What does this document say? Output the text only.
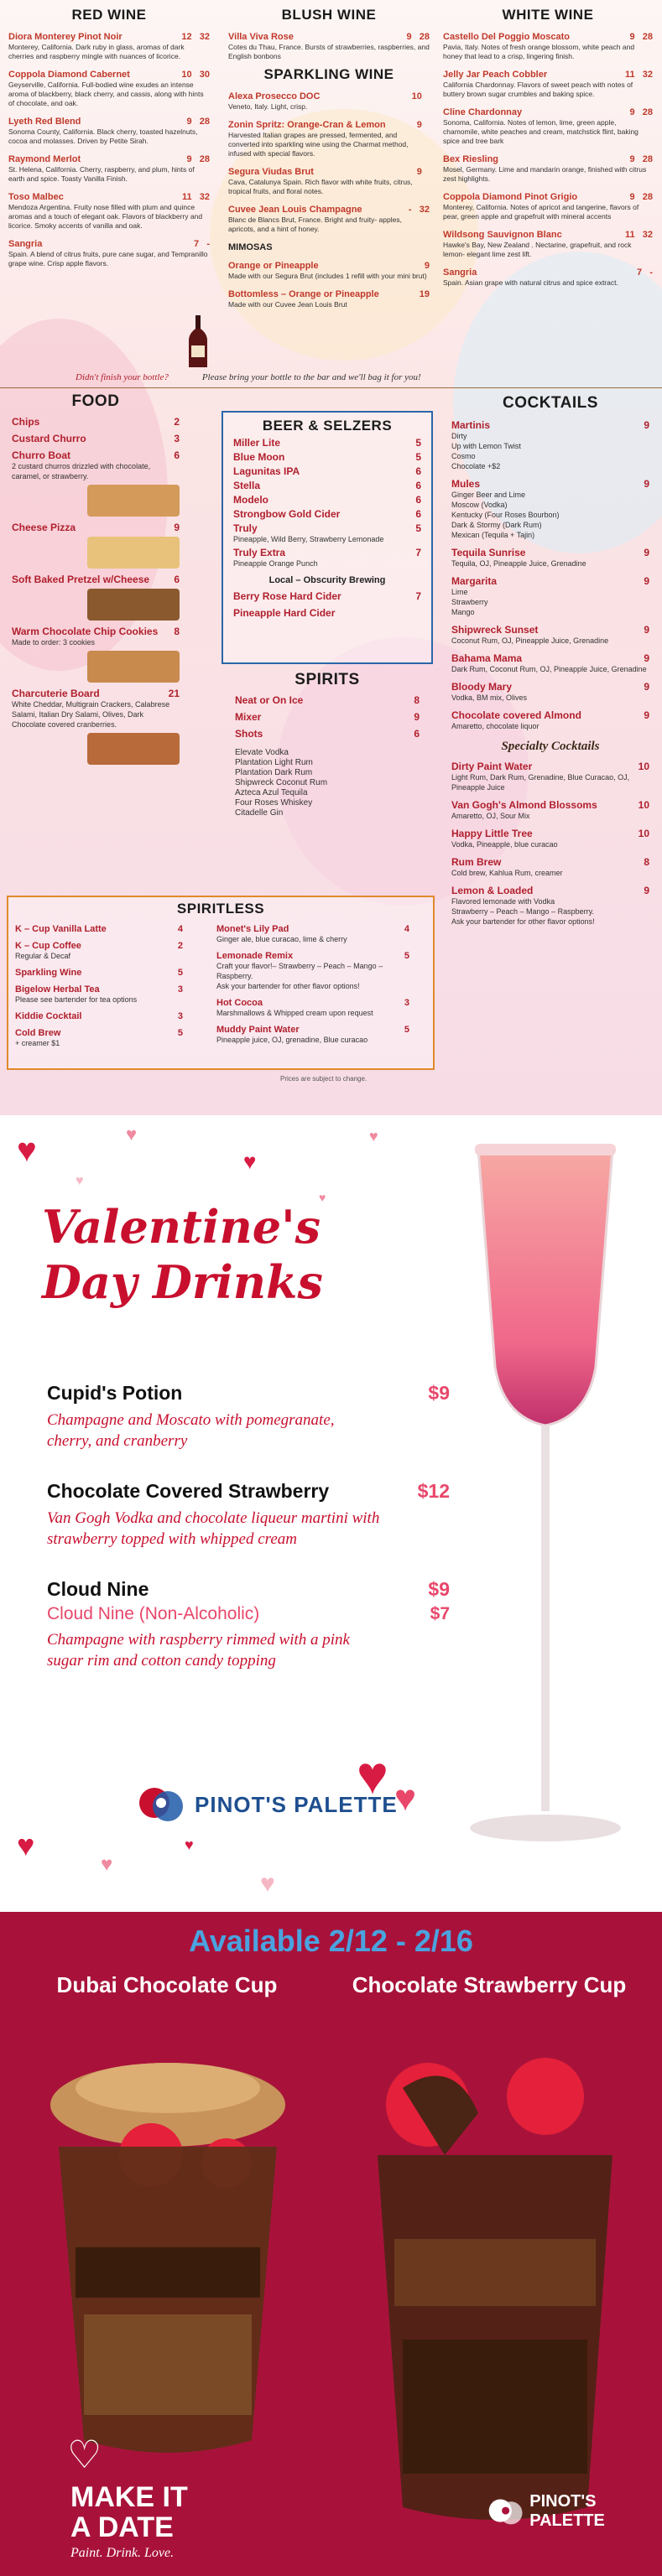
RED WINE
Diora Monterey Pinot Noir	12 32
Monterey, California. Dark ruby in glass, aromas of dark cherries and raspberry mingle with nuances of licorice.
Coppola Diamond Cabernet	10 30
Geyserville, California. Full-bodied wine exudes an intense aroma of blackberry, black cherry, and cassis, along with hints of chocolate, and oak.
Lyeth Red Blend	9 28
Sonoma County, California. Black cherry, toasted hazelnuts, cocoa and molasses. Driven by Petite Sirah.
Raymond Merlot	9 28
St. Helena, California. Cherry, raspberry, and plum, hints of earth and spice. Toasty Vanilla Finish.
Toso Malbec	11 32
Mendoza Argentina. Fruity nose filled with plum and quince aromas and a touch of elegant oak. Flavors of blackberry and licorice. Smoky accents of vanilla and oak.
Sangria	7 -
Spain. A blend of citrus fruits, pure cane sugar, and Tempranillo grape wine. Crisp apple flavors.
BLUSH WINE
Villa Viva Rose	9 28
Cotes du Thau, France. Bursts of strawberries, raspberries, and English bonbons
SPARKLING WINE
Alexa Prosecco DOC	10
Veneto, Italy. Light, crisp.
Zonin Spritz: Orange-Cran & Lemon	9
Harvested Italian grapes are pressed, fermented, and converted into sparkling wine using the Charmat method, infused with special flavors.
Segura Viudas Brut	9
Cava, Catalunya Spain. Rich flavor with white fruits, citrus, tropical fruits, and floral notes.
Cuvee Jean Louis Champagne	- 32
Blanc de Blancs Brut, France. Bright and fruity- apples, apricots, and a hint of honey.
MIMOSAS
Orange or Pineapple	9
Made with our Segura Brut (includes 1 refill with your mini brut)
Bottomless – Orange or Pineapple	19
Made with our Cuvee Jean Louis Brut
WHITE WINE
Castello Del Poggio Moscato	9 28
Pavia, Italy. Notes of fresh orange blossom, white peach and honey that lead to a crisp, lingering finish.
Jelly Jar Peach Cobbler	11 32
California Chardonnay. Flavors of sweet peach with notes of buttery brown sugar crumbles and baking spice.
Cline Chardonnay	9 28
Sonoma, California. Notes of lemon, lime, green apple, chamomile, white peaches and cream, matchstick flint, baking spice and tree bark
Bex Riesling	9 28
Mosel, Germany. Lime and mandarin orange, finished with citrus zest highlights.
Coppola Diamond Pinot Grigio	9 28
Monterey, California. Notes of apricot and tangerine, flavors of pear, green apple and grapefruit with mineral accents
Wildsong Sauvignon Blanc	11 32
Hawke's Bay, New Zealand . Nectarine, grapefruit, and rock lemon- elegant lime zest lift.
Sangria	7 -
Spain. Asian grape with natural citrus and spice extract.
Didn't finish your bottle?	Please bring your bottle to the bar and we'll bag it for you!
FOOD
Chips	2
Custard Churro	3
Churro Boat	6
2 custard churros drizzled with chocolate, caramel, or strawberry.
Cheese Pizza	9
Soft Baked Pretzel w/Cheese 6
Warm Chocolate Chip Cookies 8
Made to order: 3 cookies
Charcuterie Board	21
White Cheddar, Multigrain Crackers, Calabrese Salami, Italian Dry Salami, Olives, Dark Chocolate covered cranberries.
BEER & SELZERS
Miller Lite	5
Blue Moon	5
Lagunitas IPA	6
Stella	6
Modelo	6
Strongbow Gold Cider	6
Truly	5
Pineapple, Wild Berry, Strawberry Lemonade
Truly Extra	7
Pineapple Orange Punch
Local – Obscurity Brewing
Berry Rose Hard Cider	7
Pineapple Hard Cider
SPIRITS
Neat or On Ice	8
Mixer	9
Shots	6
Elevate Vodka
Plantation Light Rum
Plantation Dark Rum
Shipwreck Coconut Rum
Azteca Azul Tequila
Four Roses Whiskey
Citadelle Gin
COCKTAILS
Martinis	9
Dirty
Up with Lemon Twist
Cosmo
Chocolate +$2
Mules	9
Ginger Beer and Lime
Moscow (Vodka)
Kentucky (Four Roses Bourbon)
Dark & Stormy (Dark Rum)
Mexican (Tequila + Tajin)
Tequila Sunrise	9
Tequila, OJ, Pineapple Juice, Grenadine
Margarita	9
Lime
Strawberry
Mango
Shipwreck Sunset	9
Coconut Rum, OJ, Pineapple Juice, Grenadine
Bahama Mama	9
Dark Rum, Coconut Rum, OJ, Pineapple Juice, Grenadine
Bloody Mary	9
Vodka, BM mix, Olives
Chocolate covered Almond	9
Amaretto, chocolate liquor
Specialty Cocktails
Dirty Paint Water	10
Light Rum, Dark Rum, Grenadine, Blue Curacao, OJ, Pineapple Juice
Van Gogh's Almond Blossoms	10
Amaretto, OJ, Sour Mix
Happy Little Tree	10
Vodka, Pineapple, blue curacao
Rum Brew	8
Cold brew, Kahlua Rum, creamer
Lemon & Loaded	9
Flavored lemonade with Vodka
Strawberry – Peach – Mango – Raspberry.
Ask your bartender for other flavor options!
SPIRITLESS
K – Cup Vanilla Latte	4
K – Cup Coffee	2
Regular & Decaf
Sparkling Wine	5
Bigelow Herbal Tea	3
Please see bartender for tea options
Kiddie Cocktail	3
Cold Brew	5
+ creamer $1
Monet's Lily Pad	4
Ginger ale, blue curacao, lime & cherry
Lemonade Remix	5
Craft your flavor!– Strawberry – Peach – Mango – Raspberry.
Ask your bartender for other flavor options!
Hot Cocoa	3
Marshmallows & Whipped cream upon request
Muddy Paint Water	5
Pineapple juice, OJ, grenadine, Blue curacao
Prices are subject to change.
♥	♥
♥
♥
♥
♥
♥
♥
♥
♥
♥ ♥
Valentine's
Day Drinks
Cupid's Potion	$9
Champagne and Moscato with pomegranate, cherry, and cranberry
Chocolate Covered Strawberry	$12
Van Gogh Vodka and chocolate liqueur martini with strawberry topped with whipped cream
Cloud Nine	$9
Cloud Nine (Non-Alcoholic)	$7
Champagne with raspberry rimmed with a pink sugar rim and cotton candy topping
PINOT'S PALETTE
Available 2/12 - 2/16
Dubai Chocolate Cup	Chocolate Strawberry Cup
♡
MAKE IT
A DATE
Paint. Drink. Love.
PINOT'S PALETTE
